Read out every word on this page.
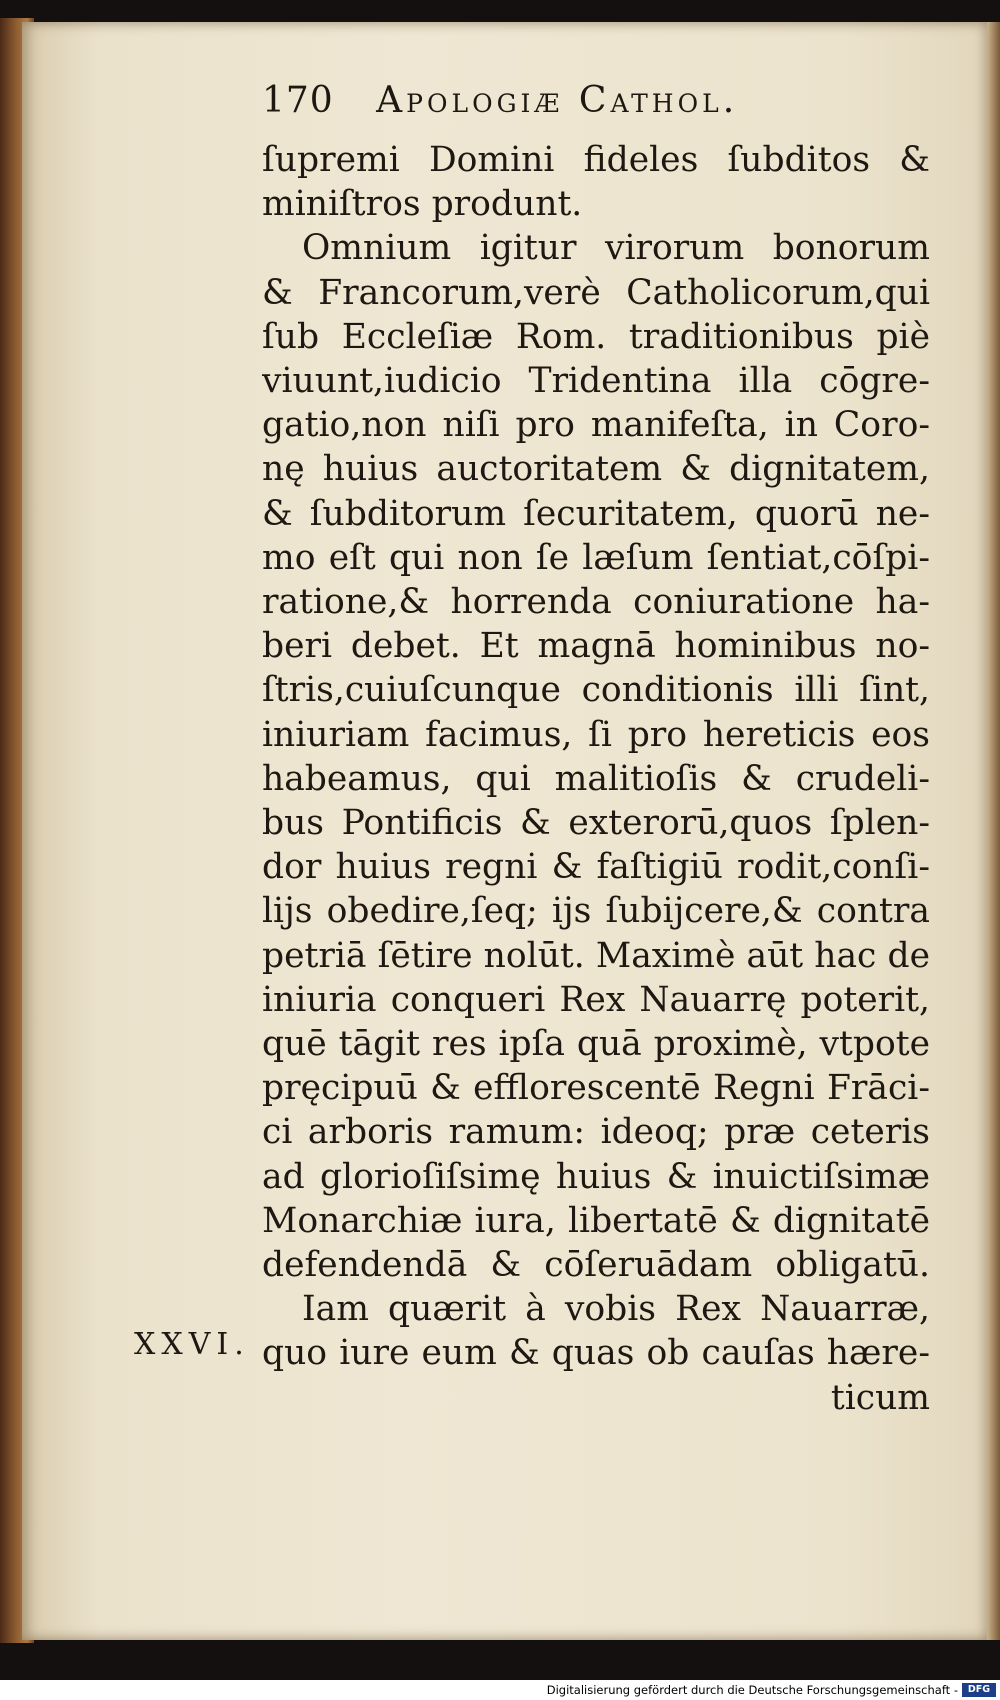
170 Apologiæ Cathol.
ſupremi Domini fideles ſubditos &
miniſtros produnt.
Omnium igitur virorum bonorum
& Francorum,verè Catholicorum,qui
ſub Eccleſiæ Rom. traditionibus piè
viuunt,iudicio Tridentina illa cōgre-
gatio,non niſi pro manifeſta, in Coro-
nę huius auctoritatem & dignitatem,
& ſubditorum ſecuritatem, quorū ne-
mo eſt qui non ſe læſum ſentiat,cōſpi-
ratione,& horrenda coniuratione ha-
beri debet. Et magnā hominibus no-
ſtris,cuiuſcunque conditionis illi ſint,
iniuriam facimus, ſi pro hereticis eos
habeamus, qui malitioſis & crudeli-
bus Pontificis & exterorū,quos ſplen-
dor huius regni & faſtigiū rodit,conſi-
lijs obedire,ſeq; ijs ſubijcere,& contra
petriā ſētire nolūt. Maximè aūt hac de
iniuria conqueri Rex Nauarrę poterit,
quē tāgit res ipſa quā proximè, vtpote
pręcipuū & efflorescentē Regni Frāci-
ci arboris ramum: ideoq; præ ceteris
ad glorioſiſsimę huius & inuictiſsimæ
Monarchiæ iura, libertatē & dignitatē
defendendā & cōſeruādam obligatū.
Iam quærit à vobis Rex Nauarræ,
quo iure eum & quas ob cauſas hære-
ticum
XXVI.
Digitalisierung gefördert durch die Deutsche Forschungsgemeinschaft -	DFG
